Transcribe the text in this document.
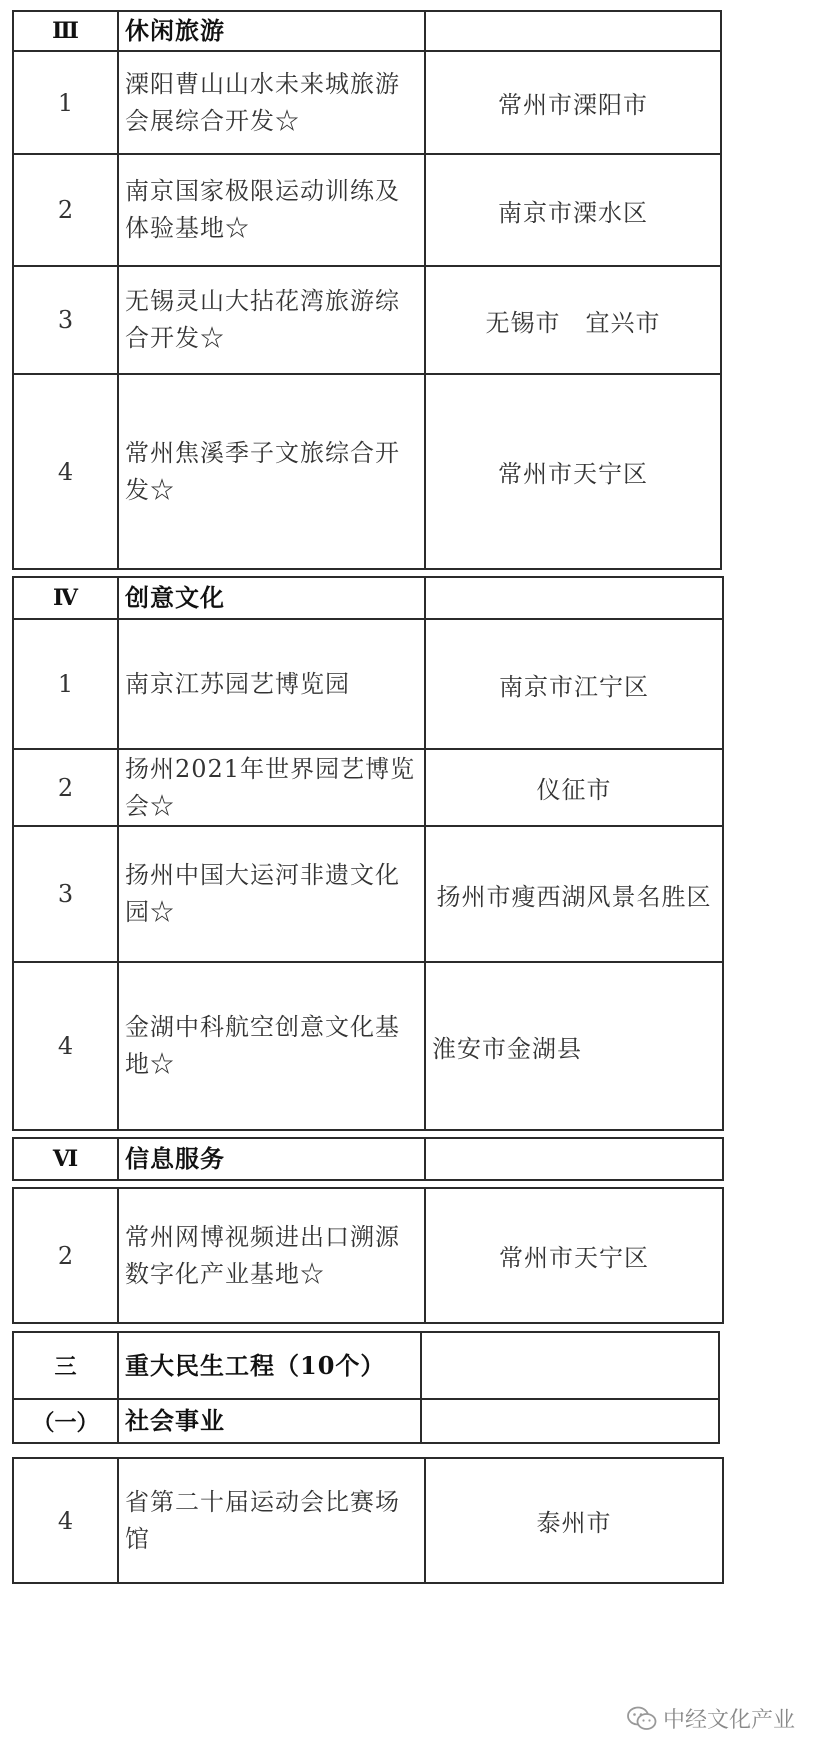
Ⅲ	休闲旅游	
1	溧阳曹山山水未来城旅游会展综合开发☆	常州市溧阳市
2	南京国家极限运动训练及体验基地☆	南京市溧水区
3	无锡灵山大拈花湾旅游综合开发☆	无锡市　宜兴市
4	常州焦溪季子文旅综合开发☆	常州市天宁区
Ⅳ	创意文化	
1	南京江苏园艺博览园	南京市江宁区
2	扬州2021年世界园艺博览会☆	仪征市
3	扬州中国大运河非遗文化园☆	扬州市瘦西湖风景名胜区
4	金湖中科航空创意文化基地☆	淮安市金湖县
Ⅵ	信息服务	
2	常州网博视频进出口溯源数字化产业基地☆	常州市天宁区
三	重大民生工程（10个）	
（一）	社会事业	
4	省第二十届运动会比赛场馆	泰州市
中经文化产业
